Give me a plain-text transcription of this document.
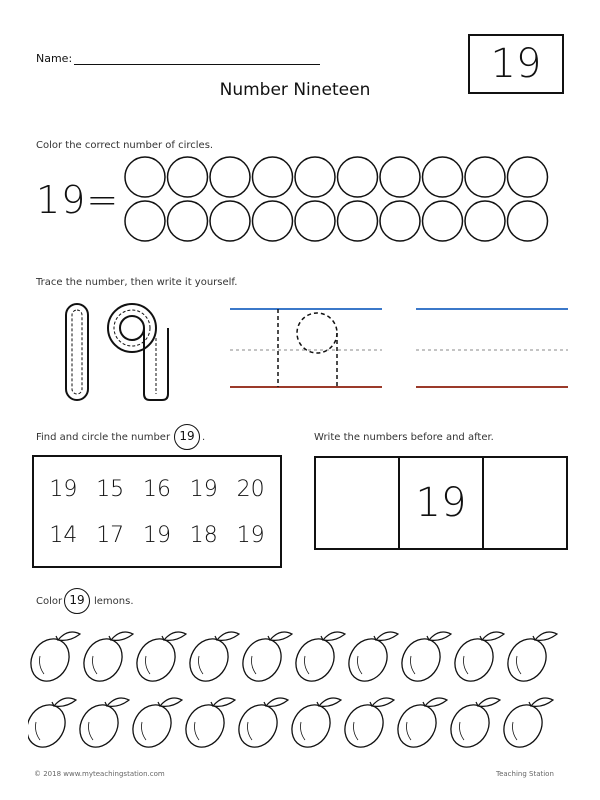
Name:
Number Nineteen
19
Color the correct number of circles.
19=
Trace the number, then write it yourself.
Find and circle the number 19 .
19 15 16 19 20
14 17 19 18 19
Write the numbers before and after.
19
Color 19 lemons.
© 2018 www.myteachingstation.com	Teaching Station
